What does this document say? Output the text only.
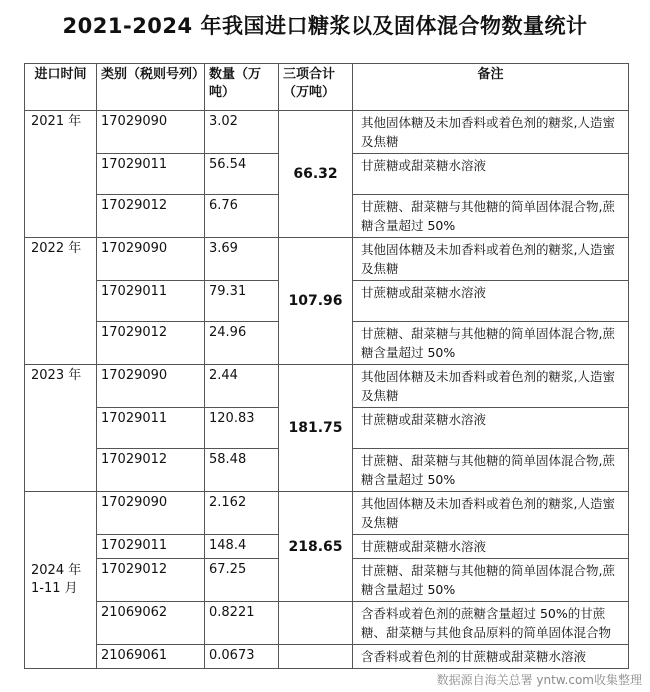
2021-2024 年我国进口糖浆以及固体混合物数量统计
进口时间	类别（税则号列）	数量（万吨）	三项合计（万吨）	备注
2021 年	17029090	3.02	66.32	其他固体糖及未加香料或着色剂的糖浆,人造蜜及焦糖
	17029011	56.54		甘蔗糖或甜菜糖水溶液
	17029012	6.76		甘蔗糖、甜菜糖与其他糖的简单固体混合物,蔗糖含量超过 50%
2022 年	17029090	3.69	107.96	其他固体糖及未加香料或着色剂的糖浆,人造蜜及焦糖
	17029011	79.31		甘蔗糖或甜菜糖水溶液
	17029012	24.96		甘蔗糖、甜菜糖与其他糖的简单固体混合物,蔗糖含量超过 50%
2023 年	17029090	2.44	181.75	其他固体糖及未加香料或着色剂的糖浆,人造蜜及焦糖
	17029011	120.83		甘蔗糖或甜菜糖水溶液
	17029012	58.48		甘蔗糖、甜菜糖与其他糖的简单固体混合物,蔗糖含量超过 50%
2024 年 1-11 月	17029090	2.162	218.65	其他固体糖及未加香料或着色剂的糖浆,人造蜜及焦糖
	17029011	148.4		甘蔗糖或甜菜糖水溶液
	17029012	67.25		甘蔗糖、甜菜糖与其他糖的简单固体混合物,蔗糖含量超过 50%
	21069062	0.8221		含香料或着色剂的蔗糖含量超过 50%的甘蔗糖、甜菜糖与其他食品原料的简单固体混合物
	21069061	0.0673		含香料或着色剂的甘蔗糖或甜菜糖水溶液
数据源自海关总署 yntw.com收集整理
